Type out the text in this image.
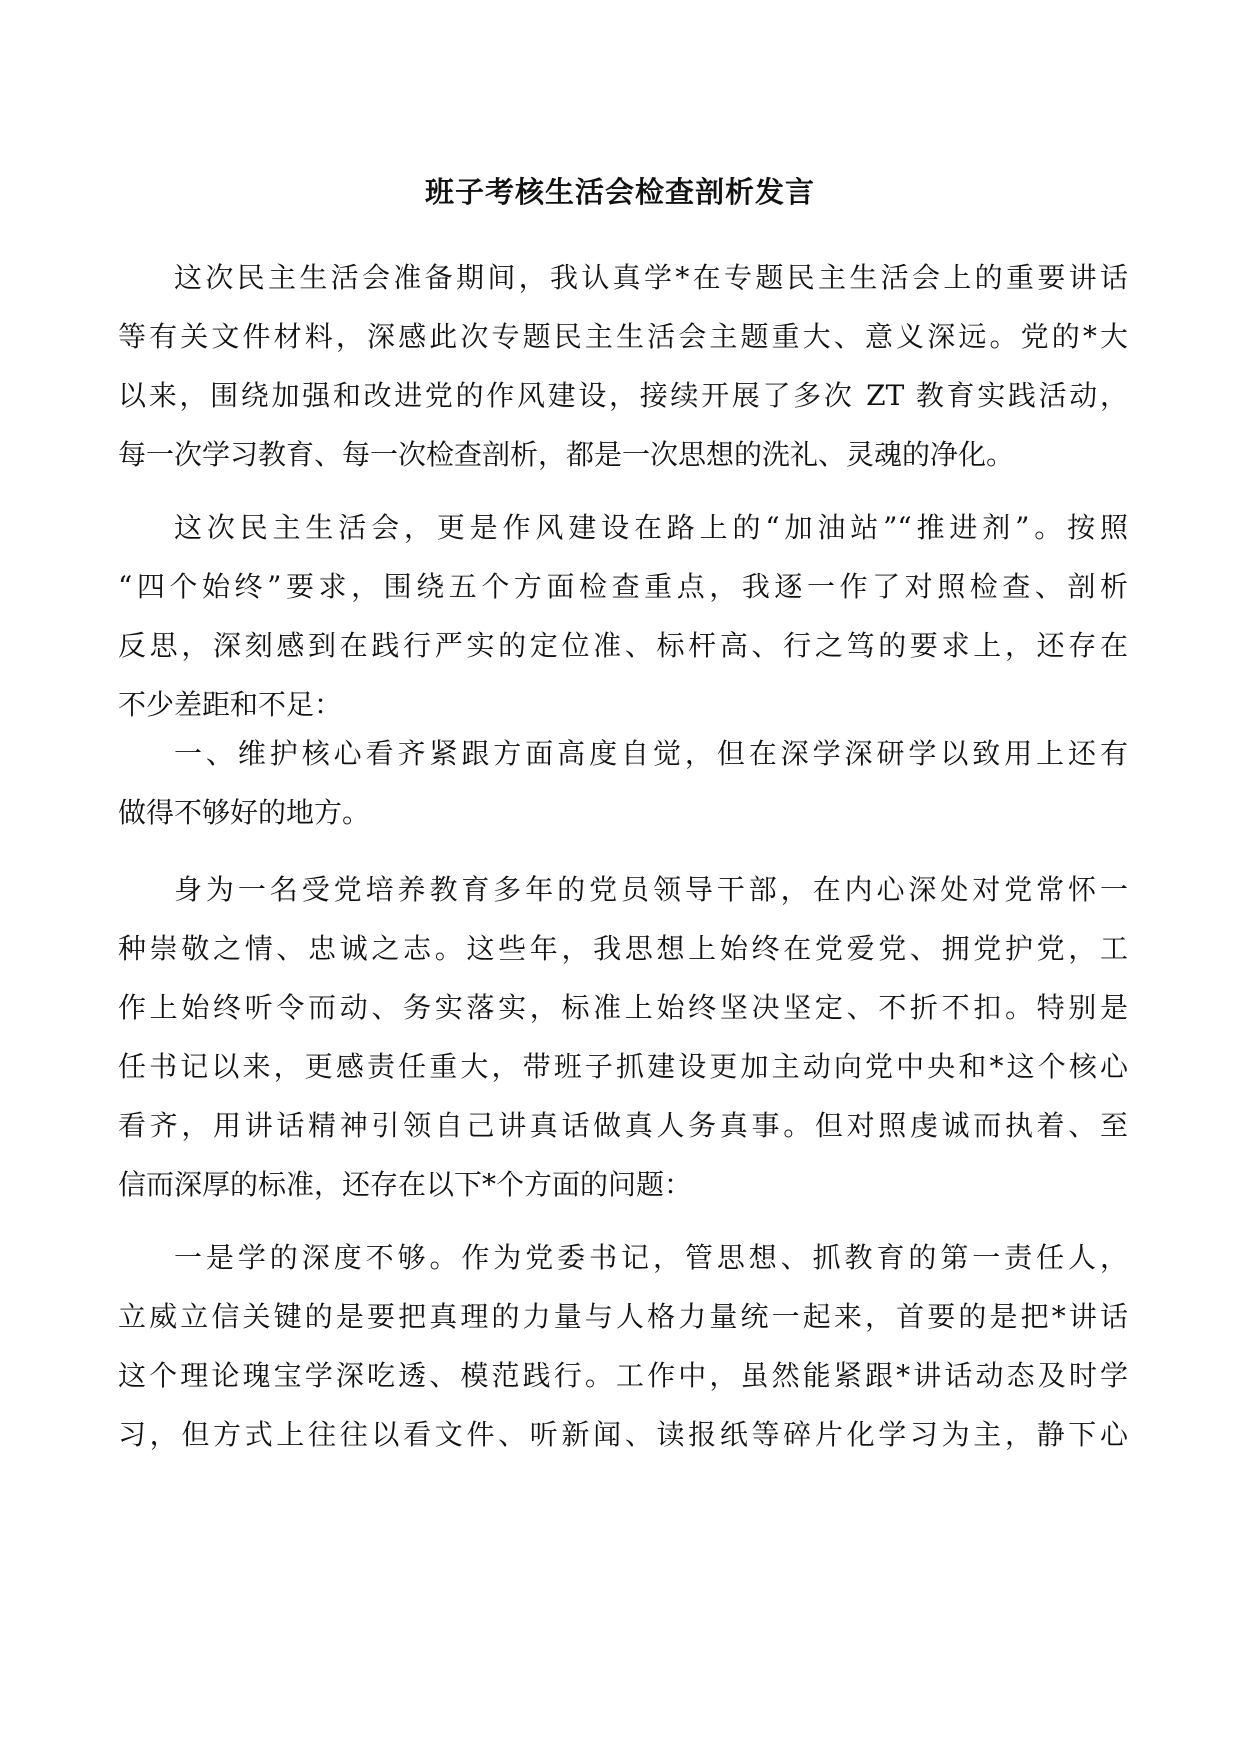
班子考核生活会检查剖析发言

这次民主生活会准备期间，我认真学*在专题民主生活会上的重要讲话
等有关文件材料，深感此次专题民主生活会主题重大、意义深远。党的*大
以来，围绕加强和改进党的作风建设，接续开展了多次 ZT 教育实践活动，
每一次学习教育、每一次检查剖析，都是一次思想的洗礼、灵魂的净化。

这次民主生活会，更是作风建设在路上的“加油站”“推进剂”。按照
“四个始终”要求，围绕五个方面检查重点，我逐一作了对照检查、剖析
反思，深刻感到在践行严实的定位准、标杆高、行之笃的要求上，还存在
不少差距和不足：

一、维护核心看齐紧跟方面高度自觉，但在深学深研学以致用上还有
做得不够好的地方。

身为一名受党培养教育多年的党员领导干部，在内心深处对党常怀一
种崇敬之情、忠诚之志。这些年，我思想上始终在党爱党、拥党护党，工
作上始终听令而动、务实落实，标准上始终坚决坚定、不折不扣。特别是
任书记以来，更感责任重大，带班子抓建设更加主动向党中央和*这个核心
看齐，用讲话精神引领自己讲真话做真人务真事。但对照虔诚而执着、至
信而深厚的标准，还存在以下*个方面的问题：

一是学的深度不够。作为党委书记，管思想、抓教育的第一责任人，
立威立信关键的是要把真理的力量与人格力量统一起来，首要的是把*讲话
这个理论瑰宝学深吃透、模范践行。工作中，虽然能紧跟*讲话动态及时学
习，但方式上往往以看文件、听新闻、读报纸等碎片化学习为主，静下心
